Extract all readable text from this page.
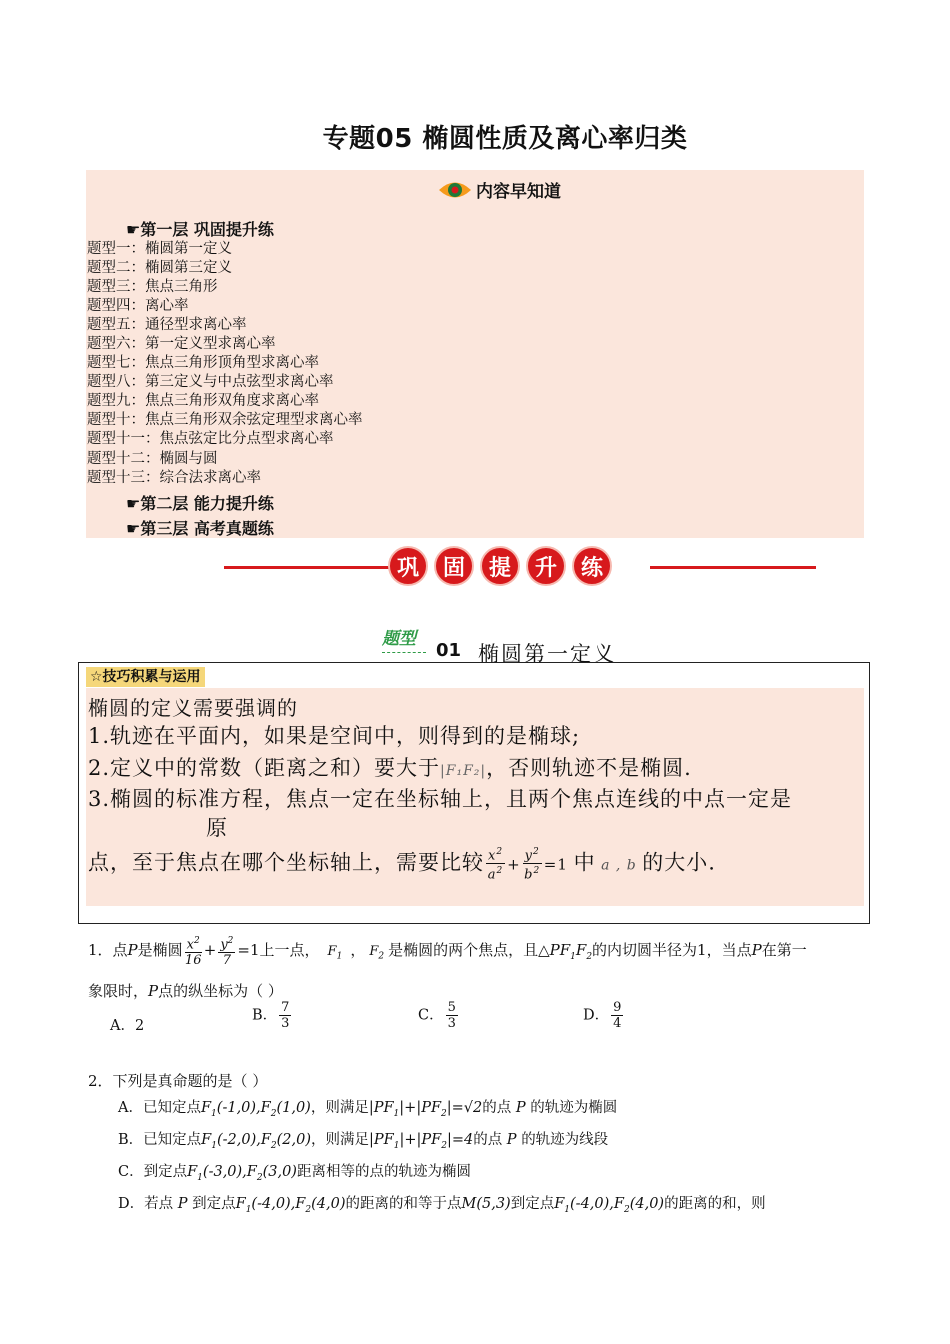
专题05 椭圆性质及离心率归类
内容早知道
☛第一层 巩固提升练
题型一：椭圆第一定义
题型二：椭圆第三定义
题型三：焦点三角形
题型四：离心率
题型五：通径型求离心率
题型六：第一定义型求离心率
题型七：焦点三角形顶角型求离心率
题型八：第三定义与中点弦型求离心率
题型九：焦点三角形双角度求离心率
题型十：焦点三角形双余弦定理型求离心率
题型十一：焦点弦定比分点型求离心率
题型十二：椭圆与圆
题型十三：综合法求离心率
☛第二层 能力提升练
☛第三层 高考真题练
巩	固	提	升	练
题型
01 椭圆第一定义
☆技巧积累与运用
椭圆的定义需要强调的
1.轨迹在平面内，如果是空间中，则得到的是椭球;
2.定义中的常数（距离之和）要大于|F₁F₂|，否则轨迹不是椭圆.
3.椭圆的标准方程，焦点一定在坐标轴上，且两个焦点连线的中点一定是
原
点，至于焦点在哪个坐标轴上，需要比较 $\frac{x^2}{a^2} + \frac{y^2}{b^2} =1$ 中 a , b 的大小.
1．点P是椭圆 $\frac{x^2}{16} + \frac{y^2}{7} =1$上一点， $F_1$ ， $F_2$ 是椭圆的两个焦点，且$\triangle PF_1F_2$的内切圆半径为1，当点P在第一
象限时，P点的纵坐标为（ ）
A．2
B． $\frac{7}{3}$	C． $\frac{5}{3}$	D． $\frac{9}{4}$
2．下列是真命题的是（ ）
A．已知定点$F_1(-1,0),F_2(1,0)$，则满足$|PF_1|+|PF_2|=√2$的点 P 的轨迹为椭圆
B．已知定点$F_1(-2,0),F_2(2,0)$，则满足$|PF_1|+|PF_2|=4$的点 P 的轨迹为线段
C．到定点$F_1(-3,0),F_2(3,0)$距离相等的点的轨迹为椭圆
D．若点 P 到定点$F_1(-4,0),F_2(4,0)$的距离的和等于点M(5,3)到定点$F_1(-4,0),F_2(4,0)$的距离的和，则
